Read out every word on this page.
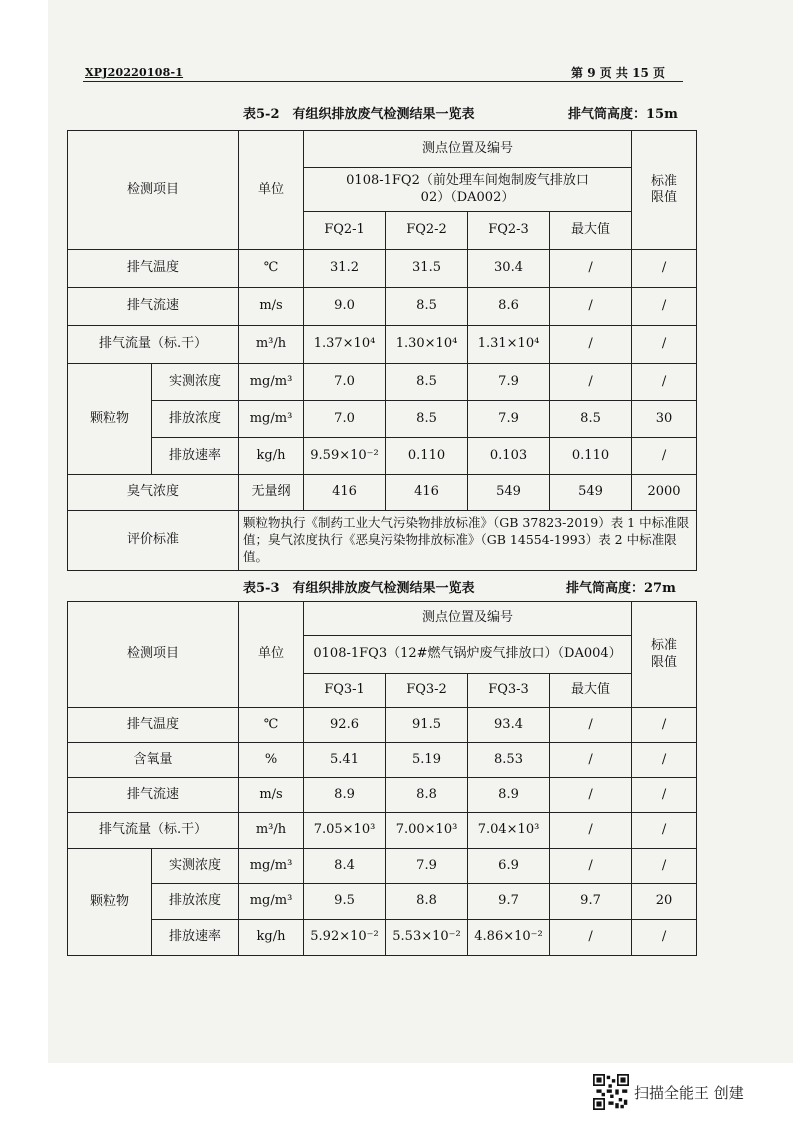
XPJ20220108-1	第 9 页 共 15 页
表5-2　有组织排放废气检测结果一览表	排气筒高度：15m
检测项目		单位	测点位置及编号				标准限值

			0108-1FQ2（前处理车间炮制废气排放口02）（DA002）				

			FQ2-1	FQ2-2	FQ2-3	最大值	
排气温度		℃	31.2	31.5	30.4	/	/
排气流速		m/s	9.0	8.5	8.6	/	/
排气流量（标.干）		m³/h	1.37×10⁴	1.30×10⁴	1.31×10⁴	/	/
颗粒物	实测浓度	mg/m³	7.0	8.5	7.9	/	/
	排放浓度	mg/m³	7.0	8.5	7.9	8.5	30
	排放速率	kg/h	9.59×10⁻²	0.110	0.103	0.110	/
臭气浓度		无量纲	416	416	549	549	2000
评价标准		颗粒物执行《制药工业大气污染物排放标准》（GB 37823-2019）表 1 中标准限值；臭气浓度执行《恶臭污染物排放标准》（GB 14554-1993）表 2 中标准限值。					
表5-3　有组织排放废气检测结果一览表	排气筒高度：27m
检测项目		单位	测点位置及编号				标准限值

			0108-1FQ3（12#燃气锅炉废气排放口）（DA004）				
			FQ3-1	FQ3-2	FQ3-3	最大值	
排气温度		℃	92.6	91.5	93.4	/	/
含氧量		%	5.41	5.19	8.53	/	/
排气流速		m/s	8.9	8.8	8.9	/	/
排气流量（标.干）		m³/h	7.05×10³	7.00×10³	7.04×10³	/	/
颗粒物	实测浓度	mg/m³	8.4	7.9	6.9	/	/
	排放浓度	mg/m³	9.5	8.8	9.7	9.7	20
	排放速率	kg/h	5.92×10⁻²	5.53×10⁻²	4.86×10⁻²	/	/
扫描全能王 创建
